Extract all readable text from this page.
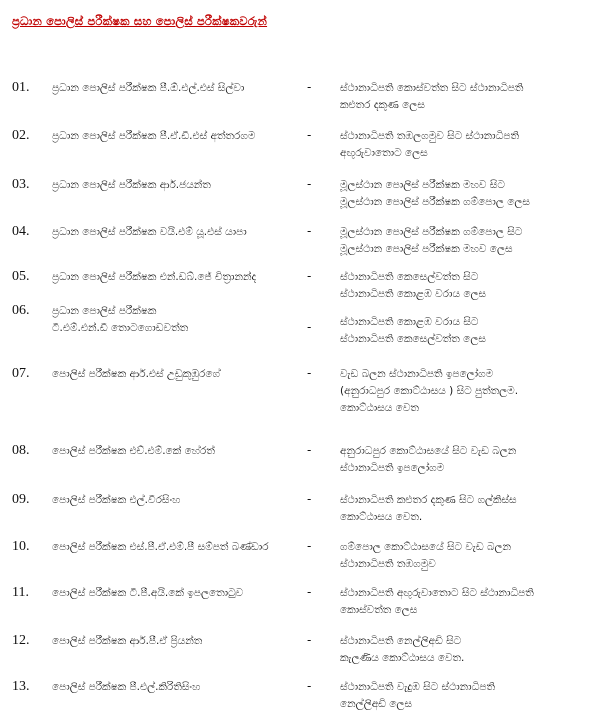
ප්‍රධාන පොලිස් පරීක්ෂක සහ පොලිස් පරීක්ෂකවරුන්
01. ප්‍රධාන පොලිස් පරීක්ෂක පී.ඕ.එල්.එස් සිල්වා	-	ස්ථානාධිපති කොස්වත්ත සිට ස්ථානාධිපති
කළුතර දකුණ ලෙස
02. ප්‍රධාන පොලිස් පරීක්ෂක පී.ඒ.ඩී.එස් අත්තරගම	-	ස්ථානාධිපති තඹලගමුව සිට ස්ථානාධිපති
අඟුරුවාතොට ලෙස
03. ප්‍රධාන පොලිස් පරීක්ෂක ආර්.ජයන්ත	-	මූලස්ථාන පොලිස් පරීක්ෂක මහව සිට
මූලස්ථාන පොලිස් පරීක්ෂක ගම්පොල ලෙස
04. ප්‍රධාන පොලිස් පරීක්ෂක වයි.එම් යූ.එස් යාපා	-	මූලස්ථාන පොලිස් පරීක්ෂක ගම්පොල සිට
මූලස්ථාන පොලිස් පරීක්ෂක මහව ලෙස
05. ප්‍රධාන පොලිස් පරීක්ෂක එන්.ඩබ්.ජේ චිත්‍රානන්ද	-	ස්ථානාධිපති කෙසෙල්වත්ත සිට
ස්ථානාධිපති කොළඹ වරාය ලෙස
06. ප්‍රධාන පොලිස් පරීක්ෂක
ටී.එම්.එන්.ඩී තොටගොඩවත්ත	-	ස්ථානාධිපති කොළඹ වරාය සිට
ස්ථානාධිපති කෙසෙල්වත්ත ලෙස
07. පොලිස් පරීක්ෂක ආර්.එස් උඩුකුඹුරගේ	-	වැඩ බලන ස්ථානාධිපති ඉපලෝගම
(අනුරාධපුර කොට්ඨාසය ) සිට පුත්තලම.
කොට්ඨාසය වෙත
08. පොලිස් පරීක්ෂක එච්.එම්.කේ හේරත්	-	අනුරාධපුර කොට්ඨාසයේ සිට වැඩ බලන
ස්ථානාධිපති ඉපලෝගම
09. පොලිස් පරීක්ෂක එල්.වීරසිංහ	-	ස්ථානාධිපති කළුතර දකුණ සිට ගල්කිස්ස
කොට්ඨාසය වෙත.
10. පොලිස් පරීක්ෂක එස්.පී.ඒ.එම්.පී සම්පත් බණ්ඩාර	-	ගම්පොල කොට්ඨාසයේ සිට වැඩ බලන
ස්ථානාධිපති තඹගමුව
11. පොලිස් පරීක්ෂක ටී.පී.අයි.කේ ඉපලතොටුව	-	ස්ථානාධිපති අඟුරුවාතොට සිට ස්ථානාධිපති
කොස්වත්ත ලෙස
12. පොලිස් පරීක්ෂක ආර්.පී.ඒ ප්‍රියන්ත	-	ස්ථානාධිපති නෙල්ලිඅඩි සිට
කැලණිය කොට්ඨාසය වෙත.
13. පොලිස් පරීක්ෂක පී.එල්.කිරිතිසිංහ	-	ස්ථානාධිපති වැදුඹ සිට ස්ථානාධිපති
නෙල්ලිඅඩි ලෙස
